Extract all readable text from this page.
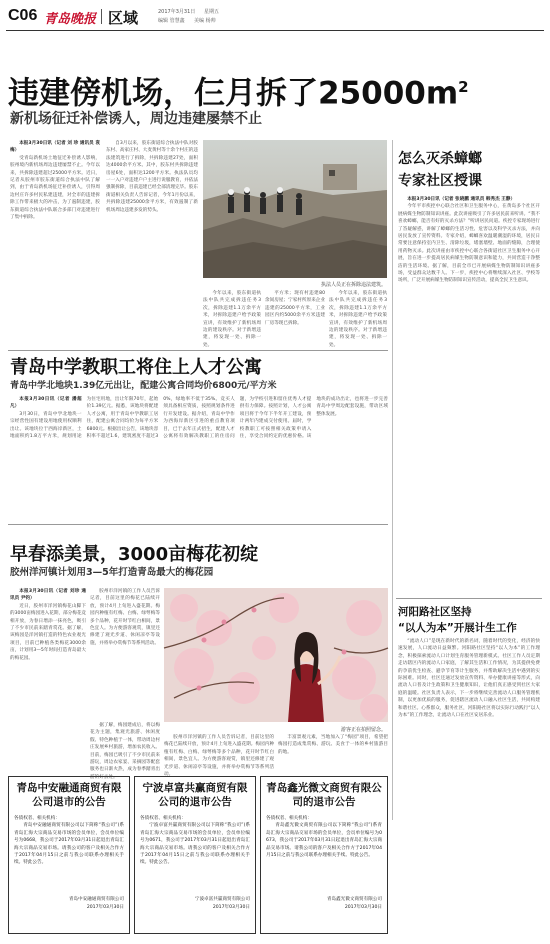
C06 青岛晚报 区域	2017年3月31日 星期五
编辑 管慧鑫 美编 杨帅
违建傍机场，仨月拆了$25000m^2$
新机场征迁补偿诱人，周边违建屡禁不止

本报3月30日讯（记者 刘 珍 通讯员 袁梅）

受青岛新机场土地征迁补偿诱人影响，胶州境内新机场周边违建屡禁不止。今年以来，共拆除违建超过25000平方米。近日，记者从胶州市胶东街道综合执法中队了解到，由于青岛新机场征迁补偿诱人，引得周边村庄许多村民私建违建，对全市的违建拆除工作带来极大的冲击，为了遏制违建，胶东街道综合执法中队联合多部门对违建进行了集中拆除。

自3月以来，胶东街道综合执法中队对胶东村、高家庄村、大麦黄村等十余个村庄的违法建筑进行了拆除，共拆除违建27处，面积达4000余平方米。其中，胶东村共拆除违建房屋6处，面积达1200平方米。执法队员均一一入户对违建户户主进行说服教育，并依法强制拆除，目前违建已经全部清理完毕。胶东街道相关负责人告诉记者，今年1月份以来，共拆除违建25000余平方米，有效遏制了新机场周边违建多发的势头。

执法人员正在拆除违法建筑。

今年以来，胶东街道执法中队共完成拆违任务3次，拆除违建1.1万余平方米，对拆除违建户给予政策宣讲，有效维护了新机场周边的建设秩序。对于新增违建，将发现一处、拆除一处。

平方米；现有村违建80余间房屋；宁家村所原来企业违建的25000平方米，工业园区内约5000余平方米违建厂房等现已拆除。

今年以来，胶东街道执法中队共完成拆违任务3次，拆除违建1.1万余平方米，对拆除违建户给予政策宣讲，有效维护了新机场周边的建设秩序。对于新增违建，将发现一处、拆除一处。

怎么灭杀蟑螂
专家社区授课

本报3月30日讯（记者 张晓鹏 通讯员 韩秀杰 王静）

今年平市疾控中心联合社区和卫生服务中心，在黄岛多个社区开展病媒生物防制知识讲座。此次讲座吸引了许多居民前来听讲。“我不喜欢蟑螂，能否有好的灭杀方法？”听讲居民问道。疾控专家现场进行了答疑解惑，讲解了蟑螂的生活习性、危害以及科学灭杀方法，并向居民发放了宣传资料。专家介绍，蟑螂喜欢温暖潮湿的环境，居民日常要注意保持室内卫生、清除垃圾，堵塞墙壁、地面的缝隙，合理使用药物灭杀。此次讲座由市疾控中心联合各街道社区卫生服务中心开展，旨在进一步提高居民病媒生物防制意识和能力，共同营造干净整洁的生活环境。据了解，目前全市已开展病媒生物防制知识讲座多场，受益群众达数千人。下一步，疾控中心将继续深入社区、学校等场所，广泛开展病媒生物防制知识宣传活动，提高全民卫生意识。

青岛中学教职工将住上人才公寓
青岛中学北地块1.39亿元出让，配建公寓合同均价6800元/平方米

本报3月30日讯（记者 潘超凡）

3月30日，青岛中学北地块一宗经营性国有建设用地使用权顺利出让。该地块位于西海岸新区，土地面积约1.8万平方米，规划用途为住宅用地，出让年限70年，起始价1.39亿元。据悉，该地块将配建人才公寓，用于青岛中学教职工居住，配建公寓合同均价为每平方米6800元。根据出让公告，该地块容积率不超过1.6，建筑密度不超过30%，绿地率不低于35%。竞买人须具备相应资质，按照规划条件进行开发建设。据介绍，青岛中学作为西海岸新区引进的重点教育项目，已于去年正式招生，配建人才公寓将有效解决教职工的住房问题，为学校引进和留住优秀人才提供有力保障。按照计划，人才公寓项目将于今年下半年开工建设，预计两年内建成交付使用。届时，学校教职工可按照相关政策申请入住，享受合同约定的优惠价格。该地块的成功出让，也将进一步完善青岛中学周边配套设施，带动区域整体发展。

早春添美景，3000亩梅花初绽
胶州洋河镇计划用3—5年打造青岛最大的梅花园

本报3月30日讯（记者 刘珍 通讯员 尹钧）

近日，胶州市洋河镇梅花山脚下的3000亩梅园进入花期，部分梅花竞相开放，为春日增添一抹亮色，吸引了不少市民前来踏青赏花。据了解，该梅园是洋河镇打造的特色农业观光项目，目前已种植各类梅花3000余亩，计划用3—5年时间打造青岛最大的梅花园。

胶州市洋河镇的工作人员告诉记者，目前这里的梅花已陆续开放，预计4月上旬进入盛花期。梅园内种植有红梅、白梅、绿萼梅等多个品种，花开时节红白相间，景色宜人。为方便游客观赏，镇里还修建了观光步道、休闲凉亭等设施，并将举办赏梅节等系列活动。

据了解，梅园建成后，将以梅花为主题，集观光旅游、休闲度假、特色种植于一体，带动周边村庄发展乡村旅游，增加农民收入。目前，梅园已吸引了不少市民前来游玩，周边农家宴、采摘园等配套服务也日渐火热，成为春季踏青出游的好去处。

游客正在拍照留念。

胶州市洋河镇的工作人员告诉记者，目前这里的梅花已陆续开放，预计4月上旬进入盛花期。梅园内种植有红梅、白梅、绿萼梅等多个品种，花开时节红白相间，景色宜人。为方便游客观赏，镇里还修建了观光步道、休闲凉亭等设施，并将举办赏梅节等系列活动。

丰富景观元素，当地加入了“梅园”项目，希望把梅园打造成集赏梅、游玩、美食于一体的乡村旅游目的地。

河阳路社区坚持
“以人为本”开展计生工作

“流动人口”是现在新时代的新名词，随着时代的变化，经济的快速发展，人口流动日益频繁。河阳路社区坚持“以人为本”的工作理念，积极探索流动人口计划生育服务管理新模式。社区工作人员定期走访辖区内的流动人口家庭，了解其生活和工作情况，为其提供免费的孕前优生检查、避孕节育等计生服务，并帮助解决生活中遇到的实际困难。同时，社区还通过发放宣传资料、举办健康讲座等形式，向流动人口普及计生政策和卫生健康知识，让他们真正感受到社区大家庭的温暖。社区负责人表示，下一步将继续完善流动人口服务管理机制，以更加优质的服务，促进辖区流动人口融入社区生活，共同构建和谐社区。心系群众，服务社区，河阳路社区将以实际行动践行“以人为本”的工作理念，让流动人口在社区安居乐业。

青岛中安融通商贸有限公司退市的公告
各债权者、相关机构：

青岛中安融通商贸有限公司以下简称“我公司”)系青岛汇海大宗商品交易市场的会员单位，会员单位编号为0668，我公司于2017年03月31日起退出青岛汇海大宗商品交易市场。请我公司的客户及相关合作方于2017年04月15日之前与我公司联系办理相关手续。特此公告。

青岛中安融通商贸有限公司
2017年03月30日
宁波卓富共赢商贸有限公司的退市公告
各债权者、相关机构：

宁波卓富共赢商贸有限公司以下简称“我公司”)系青岛汇海大宗商品交易市场的会员单位，会员单位编号为0671，我公司于2017年03月31日起退出青岛汇海大宗商品交易市场。请我公司的客户及相关合作方于2017年04月15日之前与我公司联系办理相关手续。特此公告。

宁波卓富共赢商贸有限公司
2017年03月30日
青岛鑫光微文商贸有限公司的退市公告
各债权者、相关机构：

青岛鑫光微文商贸有限公司以下简称“我公司”)系青岛汇海大宗商品交易市场的会员单位，会员单位编号为0673，我公司于2017年03月31日起退出青岛汇海大宗商品交易市场。请我公司的客户及相关合作方于2017年04月15日之前与我公司联系办理相关手续。特此公告。

青岛鑫光微文商贸有限公司
2017年03月30日
